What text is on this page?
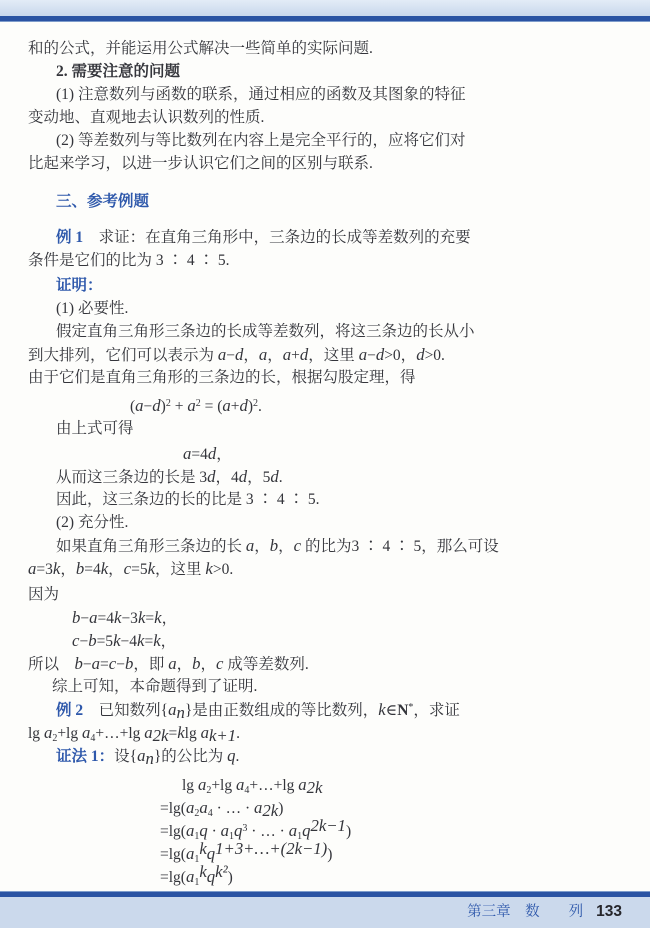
和的公式，并能运用公式解决一些简单的实际问题.
2. 需要注意的问题
(1) 注意数列与函数的联系，通过相应的函数及其图象的特征
变动地、直观地去认识数列的性质.
(2) 等差数列与等比数列在内容上是完全平行的，应将它们对
比起来学习，以进一步认识它们之间的区别与联系.
三、参考例题
例 1　求证：在直角三角形中，三条边的长成等差数列的充要
条件是它们的比为 3 ∶ 4 ∶ 5.
证明：
(1) 必要性.
假定直角三角形三条边的长成等差数列，将这三条边的长从小
到大排列，它们可以表示为 a−d，a，a+d，这里 a−d>0，d>0.
由于它们是直角三角形的三条边的长，根据勾股定理，得
$(a-d)^2 + a^2 = (a+d)^2$.
由上式可得
a=4d，
从而这三条边的长是 3d，4d，5d.
因此，这三条边的长的比是 3 ∶ 4 ∶ 5.
(2) 充分性.
如果直角三角形三条边的长 a，b，c 的比为3 ∶ 4 ∶ 5，那么可设
a=3k，b=4k，c=5k，这里 k>0.
因为
b−a=4k−3k=k，
c−b=5k−4k=k，
所以　b−a=c−b，即 a，b，c 成等差数列.
综上可知，本命题得到了证明.
例 2　已知数列$\{a_n\}$是由正数组成的等比数列，k∈N*，求证
$\lg a_2+\lg$ $a_4+\dots+\lg$ $a_{2k}=klg$ $a_{k+1}$.
证法 1：设$\{a_n\}$的公比为 q.
$\lg a_2+\lg$ $a_4+\dots+\lg$ $a_{2k}$
$=\lg(a_2a_4$ · … · $a_{2k}$)
$=\lg(a_1q \cdot a_1q^3$ · … · $a_1q^{2k-1}$)
$=\lg(a_1^kq^{1+3+\dots+(2k-1)})$
$=\lg(a_1^kq^{k^2})$
第三章　数　　列 133
